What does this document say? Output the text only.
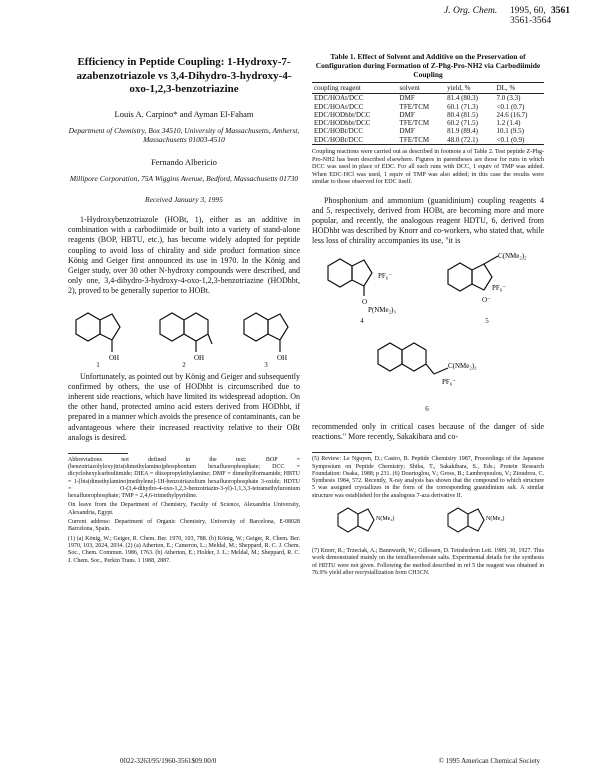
J. Org. Chem. 1995, 60, 3561-3564
3561
Efficiency in Peptide Coupling: 1-Hydroxy-7-azabenzotriazole vs 3,4-Dihydro-3-hydroxy-4-oxo-1,2,3-benzotriazine
Louis A. Carpino* and Ayman El-Faham
Department of Chemistry, Box 34510, University of Massachusetts, Amherst, Massachusetts 01003-4510
Fernando Albericio
Millipore Corporation, 75A Wiggins Avenue, Bedford, Massachusetts 01730
Received January 3, 1995

1-Hydroxybenzotriazole (HOBt, 1), either as an additive in combination with a carbodiimide or built into a variety of stand-alone reagents (BOP, HBTU, etc.), has become widely adopted for peptide coupling to avoid loss of chirality and side product formation since König and Geiger first announced its use in 1970. In the König and Geiger study, over 30 other N-hydroxy compounds were described, and only one, 3,4-dihydro-3-hydroxy-4-oxo-1,2,3-benzotriazine (HODhbt, 2), proved to be generally superior to HOBt.

OH
1
OH
2
OH
3

Unfortunately, as pointed out by König and Geiger and subsequently confirmed by others, the use of HODhbt is circumscribed due to inherent side reactions, which have limited its widespread adoption. On the other hand, protected amino acid esters derived from HODhbt, if prepared in a manner which avoids the presence of contaminants, can be advantageous where their increased reactivity relative to their OBt analogs is desired.

Abbreviations not defined in the text: BOP = (benzotriazolyloxy)tris(dimethylamino)phosphonium hexafluorophosphate; DCC = dicyclohexylcarbodiimide; DIEA = diisopropylethylamine; DMF = dimethylformamide; HBTU = 1-[bis(dimethylamino)methylene]-1H-benzotriazolium hexafluorophosphate 3-oxide; HDTU = O-(3,4-dihydro-4-oxo-1,2,3-benzotriazin-3-yl)-1,1,3,3-tetramethyluronium hexafluorophosphate; TMP = 2,4,6-trimethylpyridine.
On leave from the Department of Chemistry, Faculty of Science, Alexandria University, Alexandria, Egypt.
Current address: Department of Organic Chemistry, University of Barcelona, E-08028 Barcelona, Spain.
(1) (a) König, W.; Geiger, R. Chem. Ber. 1970, 103, 788. (b) König, W.; Geiger, R. Chem. Ber. 1970, 103, 2024, 2034. (2) (a) Atherton, E.; Cameron, L.; Meldal, M.; Sheppard, R. C. J. Chem. Soc., Chem. Commun. 1986, 1763. (b) Atherton, E.; Holder, J. L.; Meldal, M.; Sheppard, R. C. J. Chem. Soc., Perkin Trans. 1 1988, 2887.
Table 1. Effect of Solvent and Additive on the Preservation of Configuration during Formation of Z-Phg-Pro-NH2 via Carbodiimide Coupling
coupling reagent	solvent	yield, %	DL, %
EDC/HOAt/DCC	DMF	81.4 (80.3)	7.0 (3.3)
EDC/HOAt/DCC	TFE/TCM	60.1 (71.3)	<0.1 (0.7)
EDC/HODhbt/DCC	DMF	80.4 (81.5)	24.6 (16.7)
EDC/HODhbt/DCC	TFE/TCM	60.2 (71.5)	1.2 (1.4)
EDC/HOBt/DCC	DMF	81.9 (89.4)	10.1 (9.5)
EDC/HOBt/DCC	TFE/TCM	48.0 (72.1)	<0.1 (0.9)
Coupling reactions were carried out as described in footnote a of Table 2. Test peptide Z-Phg-Pro-NH2 has been described elsewhere. Figures in parentheses are those for runs in which DCC was used in place of EDC. For all such runs with DCC, 1 equiv of TMP was added. When EDC·HCl was used, 1 equiv of TMP was also added; in this case the results were similar to those observed for EDC itself.

Phosphonium and ammonium (guanidinium) coupling reagents 4 and 5, respectively, derived from HOBt, are becoming more and more popular, and recently, the analogous reagent HDTU, 6, derived from HODhbt was described by Knorr and co-workers, who stated that, while less loss of chirality accompanies its use, "it is

O
P(NMe₂)₃
PF₆⁻
4
C(NMe₂)₂
PF₆⁻
O⁻
5
C(NMe₂)₂
PF₆⁻
6

recommended only in critical cases because of the danger of side reactions." More recently, Sakakibara and co-

(5) Review: Le Nguyen, D.; Castro, B. Peptide Chemistry 1987, Proceedings of the Japanese Symposium on Peptide Chemistry; Shiba, T., Sakakibara, S., Eds.; Protein Research Foundation: Osaka, 1988; p 231. (6) Dourtoglou, V.; Gross, B.; Lambropoulou, V.; Zioudrou, C. Synthesis 1984, 572. Recently, X-ray analysis has shown that the compound to which structure 5 was assigned crystallizes in the form of the corresponding guanidinium salt. A similar structure was established for the analogous 7-aza derivative II.
N(Me₂)	N(Me₂)
(7) Knorr, R.; Trzeciak, A.; Bannwarth, W.; Gillessen, D. Tetrahedron Lett. 1989, 30, 1927. This work demonstrated mainly on the tetrafluoroborate salts. Experimental details for the synthesis of HDTU were not given. Following the method described in ref 5 the reagent was obtained in 76.9% yield after recrystallization from CH3CN.
0022-3263/95/1960-3561$09.00/0	© 1995 American Chemical Society
